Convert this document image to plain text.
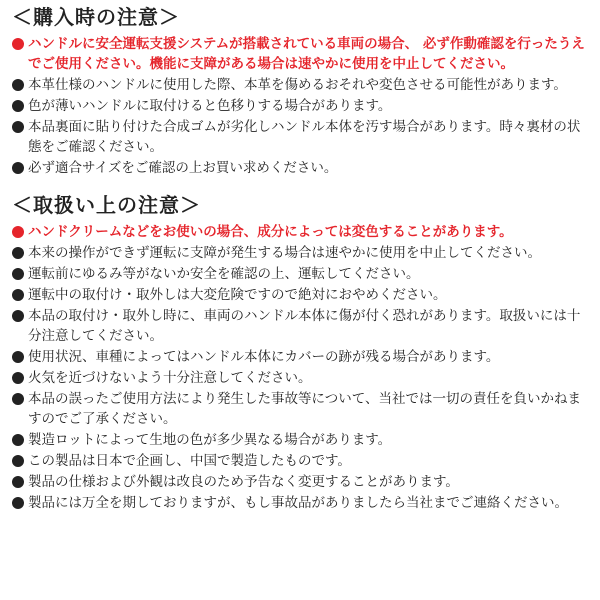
＜購入時の注意＞
ハンドルに安全運転支援システムが搭載されている車両の場合、 必ず作動確認を行ったうえでご使用ください。機能に支障がある場合は速やかに使用を中止してください。
本革仕様のハンドルに使用した際、本革を傷めるおそれや変色させる可能性があります。
色が薄いハンドルに取付けると色移りする場合があります。
本品裏面に貼り付けた合成ゴムが劣化しハンドル本体を汚す場合があります。時々裏材の状態をご確認ください。
必ず適合サイズをご確認の上お買い求めください。
＜取扱い上の注意＞
ハンドクリームなどをお使いの場合、成分によっては変色することがあります。
本来の操作ができず運転に支障が発生する場合は速やかに使用を中止してください。
運転前にゆるみ等がないか安全を確認の上、運転してください。
運転中の取付け・取外しは大変危険ですので絶対におやめください。
本品の取付け・取外し時に、車両のハンドル本体に傷が付く恐れがあります。取扱いには十分注意してください。
使用状況、車種によってはハンドル本体にカバーの跡が残る場合があります。
火気を近づけないよう十分注意してください。
本品の誤ったご使用方法により発生した事故等について、当社では一切の責任を負いかねますのでご了承ください。
製造ロットによって生地の色が多少異なる場合があります。
この製品は日本で企画し、中国で製造したものです。
製品の仕様および外観は改良のため予告なく変更することがあります。
製品には万全を期しておりますが、もし事故品がありましたら当社までご連絡ください。
